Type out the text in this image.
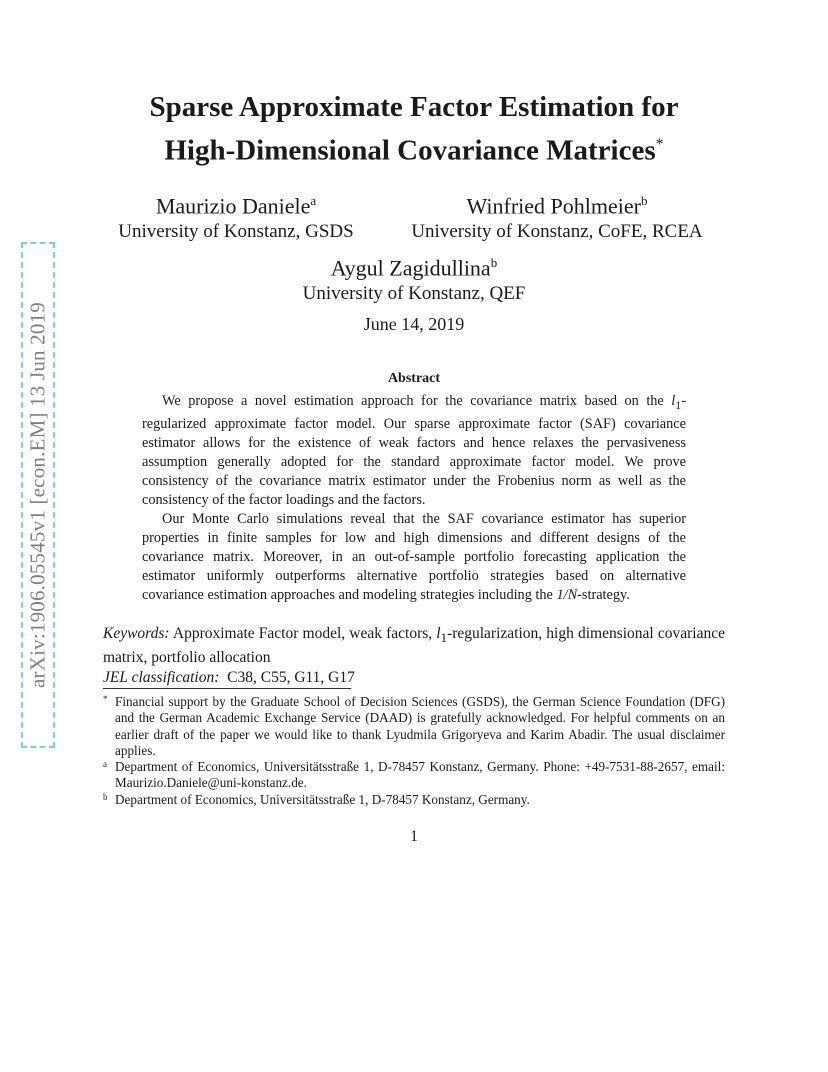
arXiv:1906.05545v1 [econ.EM] 13 Jun 2019
Sparse Approximate Factor Estimation for
High-Dimensional Covariance Matrices*
Maurizio Daniele$^a$
University of Konstanz, GSDS
Winfried Pohlmeier$^b$
University of Konstanz, CoFE, RCEA
Aygul Zagidullina$^b$
University of Konstanz, QEF
June 14, 2019
Abstract

We propose a novel estimation approach for the covariance matrix based on the $l_1$-regularized approximate factor model. Our sparse approximate factor (SAF) covariance estimator allows for the existence of weak factors and hence relaxes the pervasiveness assumption generally adopted for the standard approximate factor model. We prove consistency of the covariance matrix estimator under the Frobenius norm as well as the consistency of the factor loadings and the factors.

Our Monte Carlo simulations reveal that the SAF covariance estimator has superior properties in finite samples for low and high dimensions and different designs of the covariance matrix. Moreover, in an out-of-sample portfolio forecasting application the estimator uniformly outperforms alternative portfolio strategies based on alternative covariance estimation approaches and modeling strategies including the 1/N-strategy.

Keywords: Approximate Factor model, weak factors, $l_1$-regularization, high dimensional covariance matrix, portfolio allocation

JEL classification:  C38, C55, G11, G17

* Financial support by the Graduate School of Decision Sciences (GSDS), the German Science Foundation (DFG) and the German Academic Exchange Service (DAAD) is gratefully acknowledged. For helpful comments on an earlier draft of the paper we would like to thank Lyudmila Grigoryeva and Karim Abadir. The usual disclaimer applies.
a Department of Economics, Universitätsstraße 1, D-78457 Konstanz, Germany. Phone: +49-7531-88-2657, email: Maurizio.Daniele@uni-konstanz.de.
b Department of Economics, Universitätsstraße 1, D-78457 Konstanz, Germany.
1
